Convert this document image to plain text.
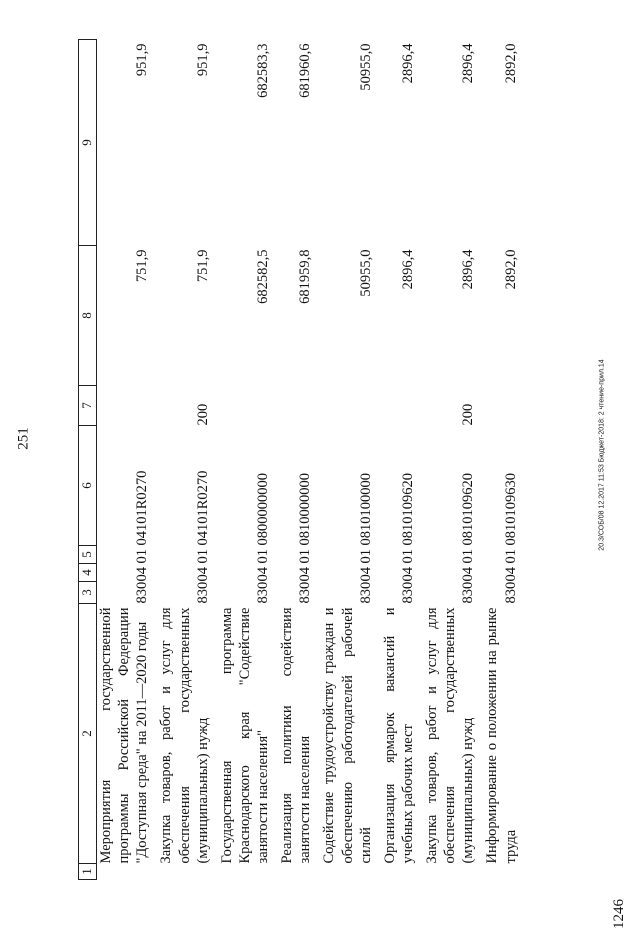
251	20.3/СОБ/08 12.2017 11:53 Бюджет-2018: 2 чтение-прил.14
1246
1	2	3	4	5	6	7	8	9
	Мероприятия государственной программы Российской Федерации "Доступная среда" на 2011—2020 годы	830	04	01	04101R0270		751,9	951,9
	Закупка товаров, работ и услуг для обеспечения государственных (муниципальных) нужд	830	04	01	04101R0270	200	751,9	951,9
	Государственная программа Краснодарского края "Содействие занятости населения"	830	04	01	0800000000		682582,5	682583,3
	Реализация политики содействия занятости населения	830	04	01	0810000000		681959,8	681960,6
	Содействие трудоустройству граждан и обеспечению работодателей рабочей силой	830	04	01	0810100000		50955,0	50955,0
	Организация ярмарок вакансий и учебных рабочих мест	830	04	01	0810109620		2896,4	2896,4
	Закупка товаров, работ и услуг для обеспечения государственных (муниципальных) нужд	830	04	01	0810109620	200	2896,4	2896,4
	Информирование о положении на рынке труда	830	04	01	0810109630		2892,0	2892,0
